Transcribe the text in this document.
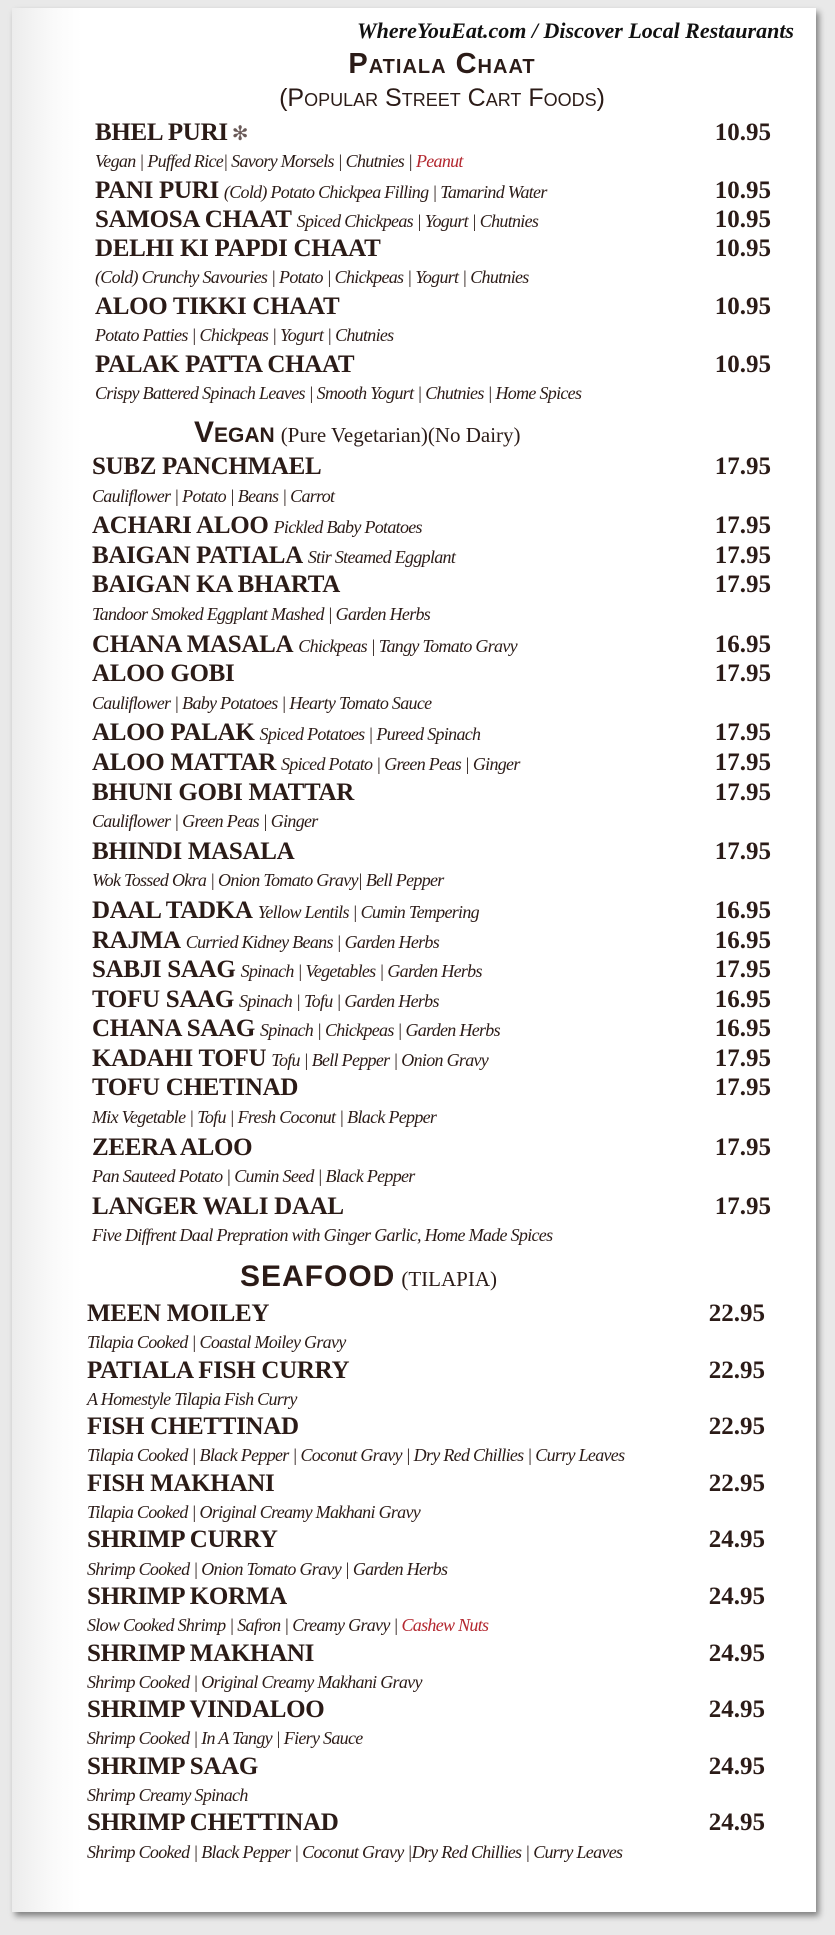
WhereYouEat.com / Discover Local Restaurants
Patiala Chaat
(Popular Street Cart Foods)
BHEL PURI ✻	10.95
Vegan | Puffed Rice| Savory Morsels | Chutnies | Peanut
PANI PURI (Cold) Potato Chickpea Filling | Tamarind Water	10.95
SAMOSA CHAAT Spiced Chickpeas | Yogurt | Chutnies	10.95
DELHI KI PAPDI CHAAT	10.95
(Cold) Crunchy Savouries | Potato | Chickpeas | Yogurt | Chutnies
ALOO TIKKI CHAAT	10.95
Potato Patties | Chickpeas | Yogurt | Chutnies
PALAK PATTA CHAAT	10.95
Crispy Battered Spinach Leaves | Smooth Yogurt | Chutnies | Home Spices
Vegan (Pure Vegetarian)(No Dairy)
SUBZ PANCHMAEL	17.95
Cauliflower | Potato | Beans | Carrot
ACHARI ALOO Pickled Baby Potatoes	17.95
BAIGAN PATIALA Stir Steamed Eggplant	17.95
BAIGAN KA BHARTA	17.95
Tandoor Smoked Eggplant Mashed | Garden Herbs
CHANA MASALA Chickpeas | Tangy Tomato Gravy	16.95
ALOO GOBI	17.95
Cauliflower | Baby Potatoes | Hearty Tomato Sauce
ALOO PALAK Spiced Potatoes | Pureed Spinach	17.95
ALOO MATTAR Spiced Potato | Green Peas | Ginger	17.95
BHUNI GOBI MATTAR	17.95
Cauliflower | Green Peas | Ginger
BHINDI MASALA	17.95
Wok Tossed Okra | Onion Tomato Gravy| Bell Pepper
DAAL TADKA Yellow Lentils | Cumin Tempering	16.95
RAJMA Curried Kidney Beans | Garden Herbs	16.95
SABJI SAAG Spinach | Vegetables | Garden Herbs	17.95
TOFU SAAG Spinach | Tofu | Garden Herbs	16.95
CHANA SAAG Spinach | Chickpeas | Garden Herbs	16.95
KADAHI TOFU Tofu | Bell Pepper | Onion Gravy	17.95
TOFU CHETINAD	17.95
Mix Vegetable | Tofu | Fresh Coconut | Black Pepper
ZEERA ALOO	17.95
Pan Sauteed Potato | Cumin Seed | Black Pepper
LANGER WALI DAAL	17.95
Five Diffrent Daal Prepration with Ginger Garlic, Home Made Spices
SEAFOOD (TILAPIA)
MEEN MOILEY	22.95
Tilapia Cooked | Coastal Moiley Gravy
PATIALA FISH CURRY	22.95
A Homestyle Tilapia Fish Curry
FISH CHETTINAD	22.95
Tilapia Cooked | Black Pepper | Coconut Gravy | Dry Red Chillies | Curry Leaves
FISH MAKHANI	22.95
Tilapia Cooked | Original Creamy Makhani Gravy
SHRIMP CURRY	24.95
Shrimp Cooked | Onion Tomato Gravy | Garden Herbs
SHRIMP KORMA	24.95
Slow Cooked Shrimp | Safron | Creamy Gravy | Cashew Nuts
SHRIMP MAKHANI	24.95
Shrimp Cooked | Original Creamy Makhani Gravy
SHRIMP VINDALOO	24.95
Shrimp Cooked | In A Tangy | Fiery Sauce
SHRIMP SAAG	24.95
Shrimp Creamy Spinach
SHRIMP CHETTINAD	24.95
Shrimp Cooked | Black Pepper | Coconut Gravy |Dry Red Chillies | Curry Leaves
